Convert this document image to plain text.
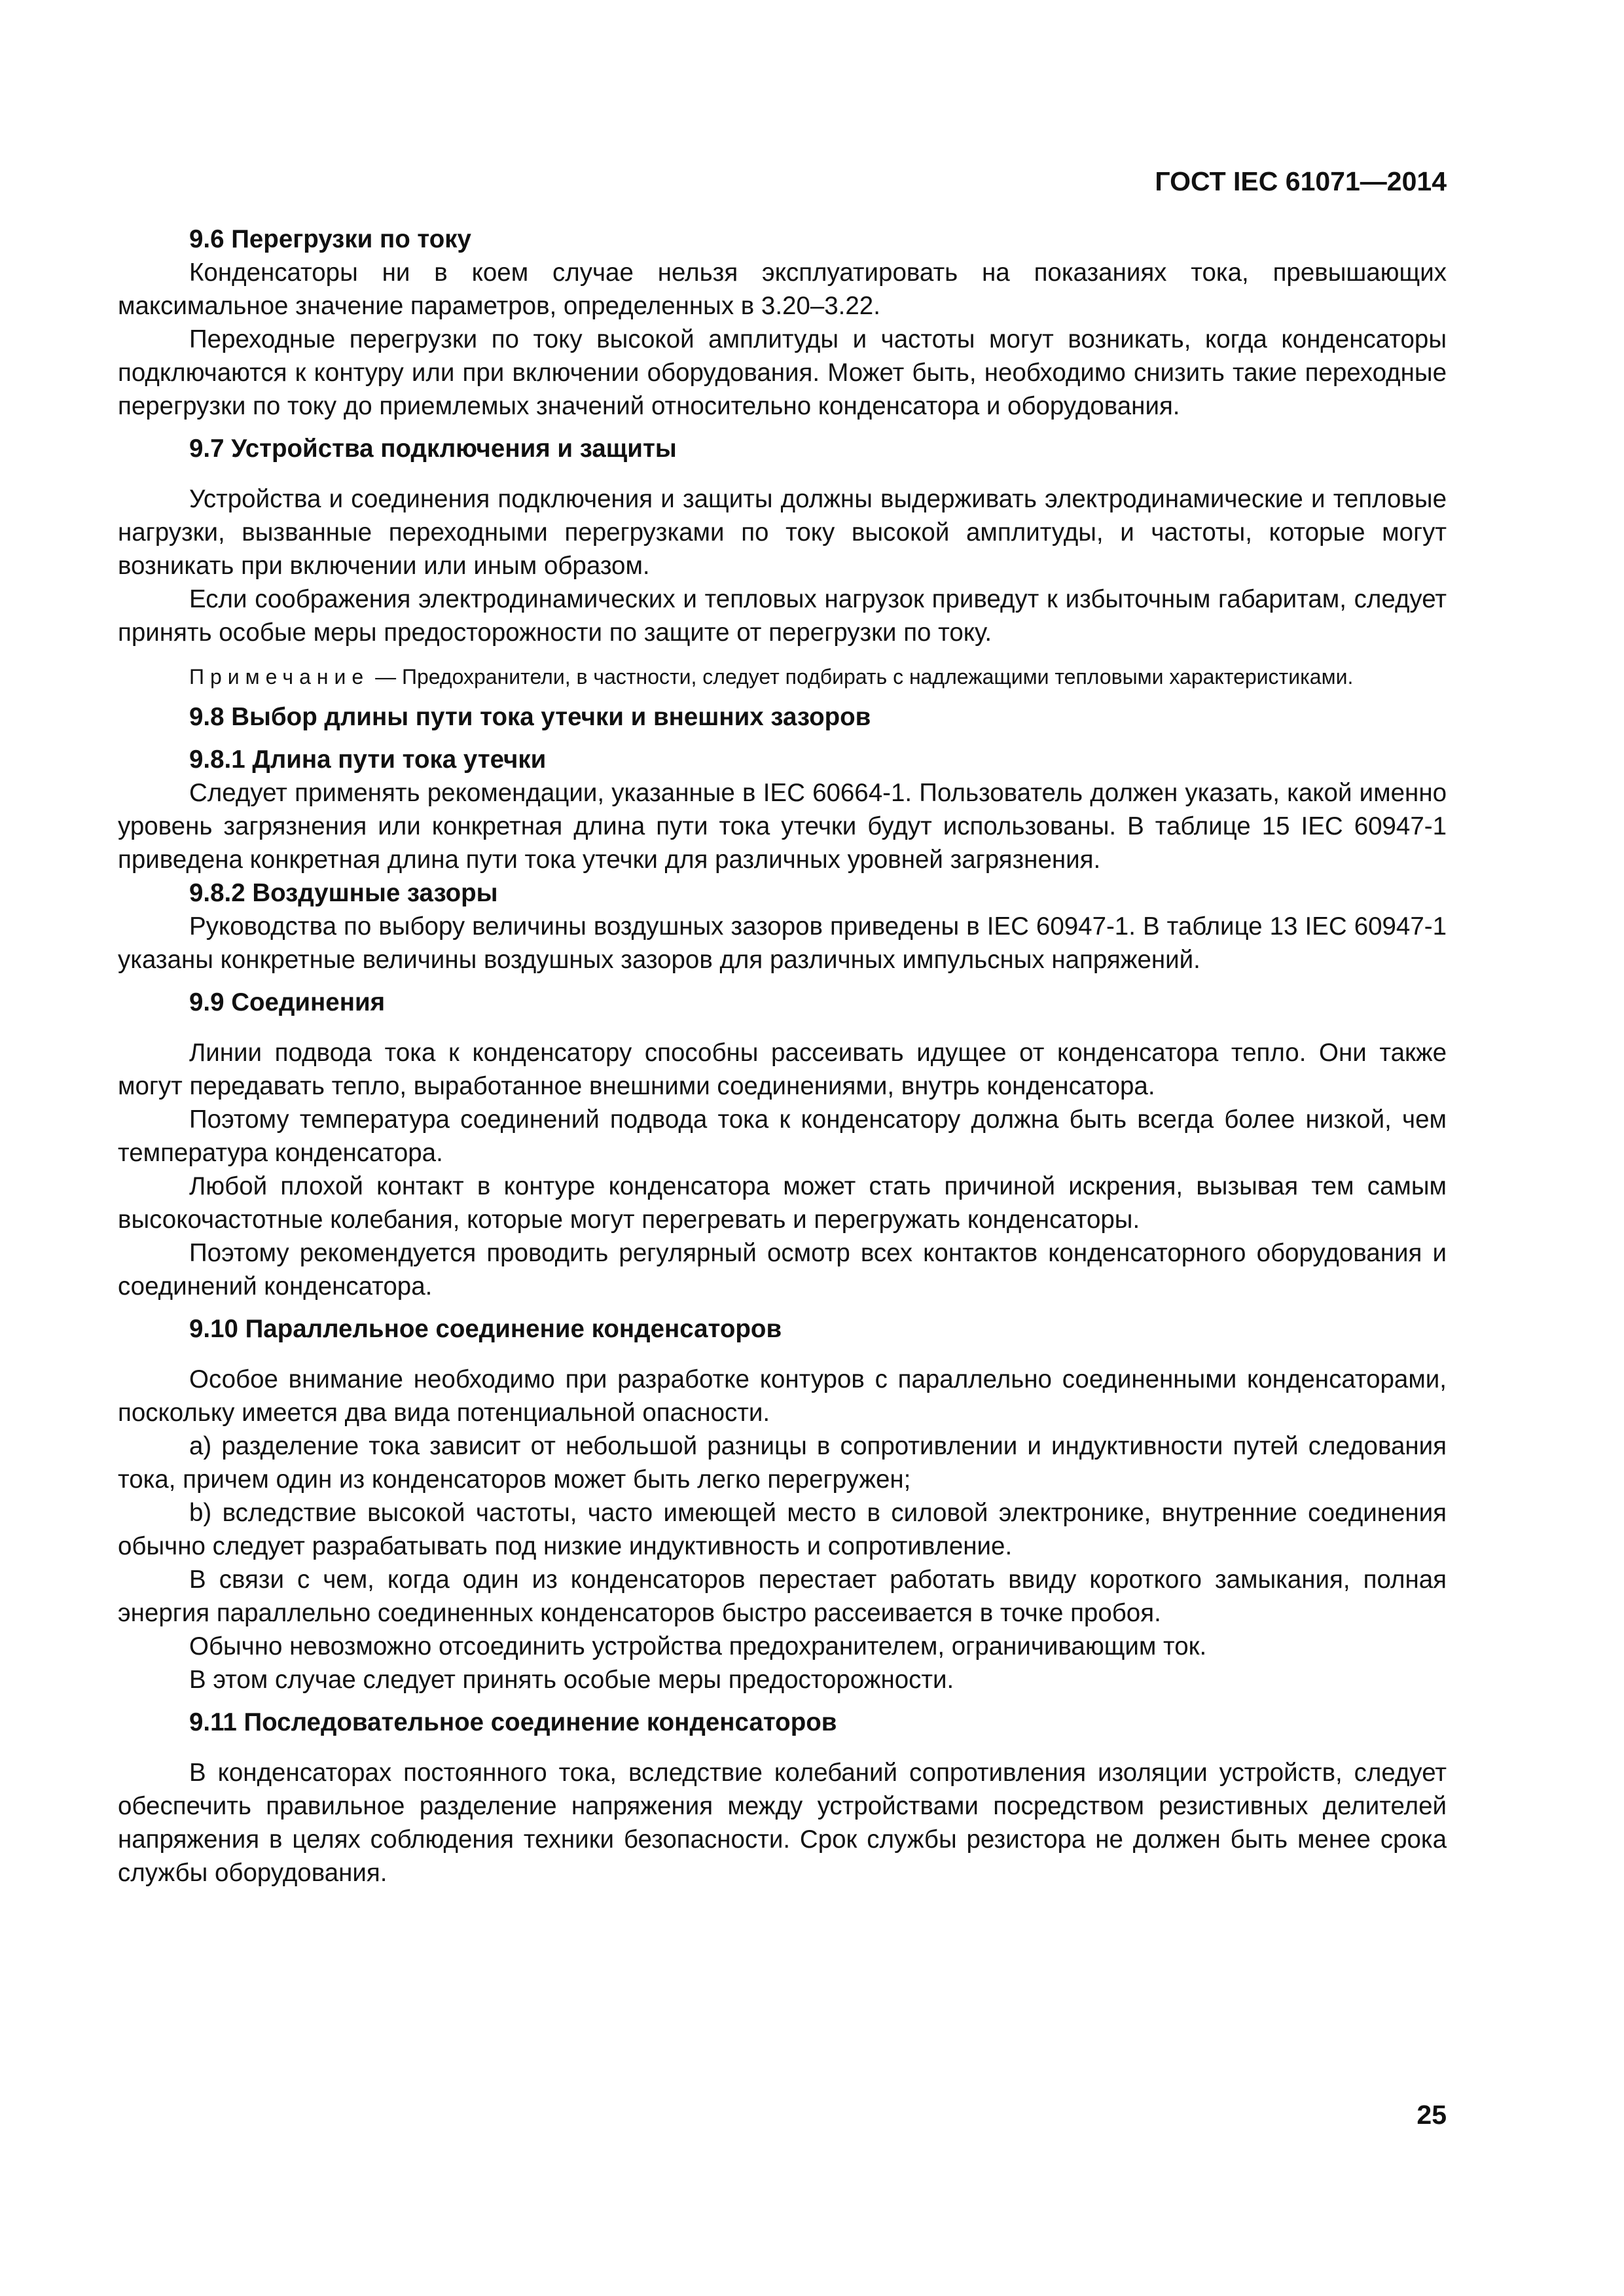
ГОСТ IEC 61071—2014
9.6 Перегрузки по току

Конденсаторы ни в коем случае нельзя эксплуатировать на показаниях тока, превышающих максимальное значение параметров, определенных в 3.20–3.22.

Переходные перегрузки по току высокой амплитуды и частоты могут возникать, когда конденсаторы подключаются к контуру или при включении оборудования. Может быть, необходимо снизить такие переходные перегрузки по току до приемлемых значений относительно конденсатора и оборудования.

9.7 Устройства подключения и защиты

Устройства и соединения подключения и защиты должны выдерживать электродинамические и тепловые нагрузки, вызванные переходными перегрузками по току высокой амплитуды, и частоты, которые могут возникать при включении или иным образом.

Если соображения электродинамических и тепловых нагрузок приведут к избыточным габаритам, следует принять особые меры предосторожности по защите от перегрузки по току.

Примечание — Предохранители, в частности, следует подбирать с надлежащими тепловыми характеристиками.
9.8 Выбор длины пути тока утечки и внешних зазоров
9.8.1 Длина пути тока утечки

Следует применять рекомендации, указанные в IEC 60664-1. Пользователь должен указать, какой именно уровень загрязнения или конкретная длина пути тока утечки будут использованы. В таблице 15 IEC 60947-1 приведена конкретная длина пути тока утечки для различных уровней загрязнения.

9.8.2 Воздушные зазоры

Руководства по выбору величины воздушных зазоров приведены в IEC 60947-1. В таблице 13 IEC 60947-1 указаны конкретные величины воздушных зазоров для различных импульсных напряжений.

9.9 Соединения

Линии подвода тока к конденсатору способны рассеивать идущее от конденсатора тепло. Они также могут передавать тепло, выработанное внешними соединениями, внутрь конденсатора.

Поэтому температура соединений подвода тока к конденсатору должна быть всегда более низкой, чем температура конденсатора.

Любой плохой контакт в контуре конденсатора может стать причиной искрения, вызывая тем самым высокочастотные колебания, которые могут перегревать и перегружать конденсаторы.

Поэтому рекомендуется проводить регулярный осмотр всех контактов конденсаторного оборудования и соединений конденсатора.

9.10 Параллельное соединение конденсаторов

Особое внимание необходимо при разработке контуров с параллельно соединенными конденсаторами, поскольку имеется два вида потенциальной опасности.

a) разделение тока зависит от небольшой разницы в сопротивлении и индуктивности путей следования тока, причем один из конденсаторов может быть легко перегружен;

b) вследствие высокой частоты, часто имеющей место в силовой электронике, внутренние соединения обычно следует разрабатывать под низкие индуктивность и сопротивление.

В связи с чем, когда один из конденсаторов перестает работать ввиду короткого замыкания, полная энергия параллельно соединенных конденсаторов быстро рассеивается в точке пробоя.

Обычно невозможно отсоединить устройства предохранителем, ограничивающим ток.

В этом случае следует принять особые меры предосторожности.

9.11 Последовательное соединение конденсаторов

В конденсаторах постоянного тока, вследствие колебаний сопротивления изоляции устройств, следует обеспечить правильное разделение напряжения между устройствами посредством резистивных делителей напряжения в целях соблюдения техники безопасности. Срок службы резистора не должен быть менее срока службы оборудования.

25
